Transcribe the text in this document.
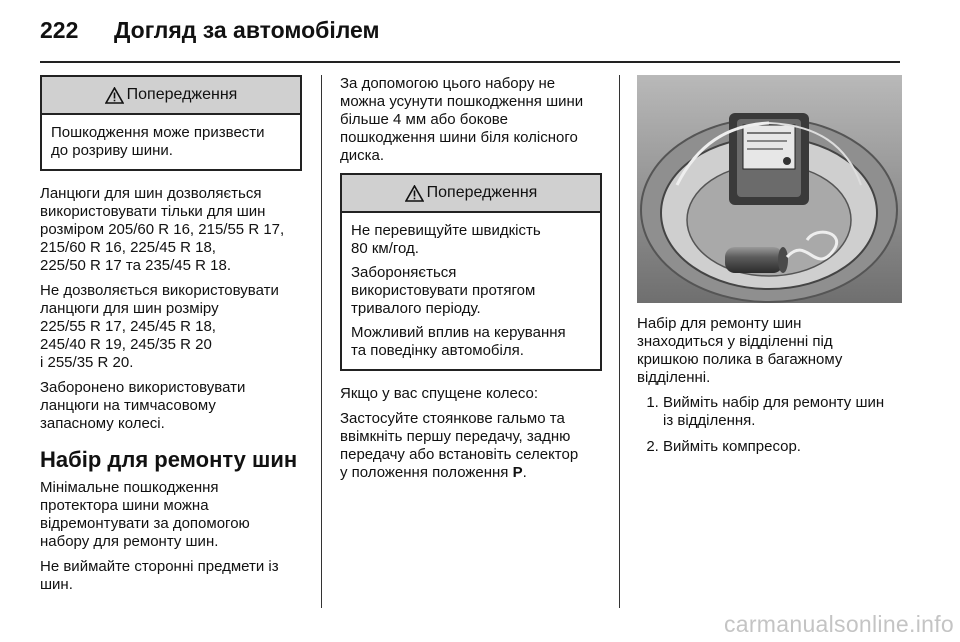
222 Догляд за автомобілем
Попередження

Пошкодження може призвести
до розриву шини.

Ланцюги для шин дозволяється
використовувати тільки для шин
розміром 205/60 R 16, 215/55 R 17,
215/60 R 16, 225/45 R 18,
225/50 R 17 та 235/45 R 18.

Не дозволяється використовувати
ланцюги для шин розміру
225/55 R 17, 245/45 R 18,
245/40 R 19, 245/35 R 20
і 255/35 R 20.

Заборонено використовувати
ланцюги на тимчасовому
запасному колесі.

Набір для ремонту шин

Мінімальне пошкодження
протектора шини можна
відремонтувати за допомогою
набору для ремонту шин.

Не виймайте сторонні предмети із
шин.

За допомогою цього набору не
можна усунути пошкодження шини
більше 4 мм або бокове
пошкодження шини біля колісного
диска.

Попередження

Не перевищуйте швидкість
80 км/год.

Забороняється
використовувати протягом
тривалого періоду.

Можливий вплив на керування
та поведінку автомобіля.

Якщо у вас спущене колесо:

Застосуйте стоянкове гальмо та
ввімкніть першу передачу, задню
передачу або встановіть селектор
у положення положення P.

Набір для ремонту шин
знаходиться у відділенні під
кришкою полика в багажному
відділенні.

1. Вийміть набір для ремонту шин
із відділення.
2. Вийміть компресор.
carmanualsonline.info
